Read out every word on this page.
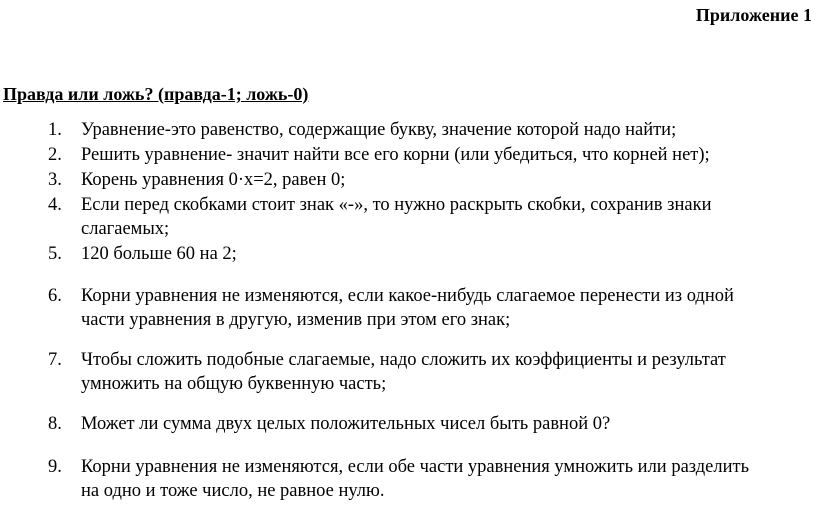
Приложение 1

Правда или ложь? (правда-1; ложь-0)

1. Уравнение-это равенство, содержащие букву, значение которой надо найти;
2. Решить уравнение- значит найти все его корни (или убедиться, что корней нет);
3. Корень уравнения 0·x=2, равен 0;
4. Если перед скобками стоит знак «-», то нужно раскрыть скобки, сохранив знаки слагаемых;
5. 120 больше 60 на 2;
6. Корни уравнения не изменяются, если какое-нибудь слагаемое перенести из одной части уравнения в другую, изменив при этом его знак;
7. Чтобы сложить подобные слагаемые, надо сложить их коэффициенты и результат умножить на общую буквенную часть;
8. Может ли сумма двух целых положительных чисел быть равной 0?
9. Корни уравнения не изменяются, если обе части уравнения умножить или разделить на одно и тоже число, не равное нулю.
